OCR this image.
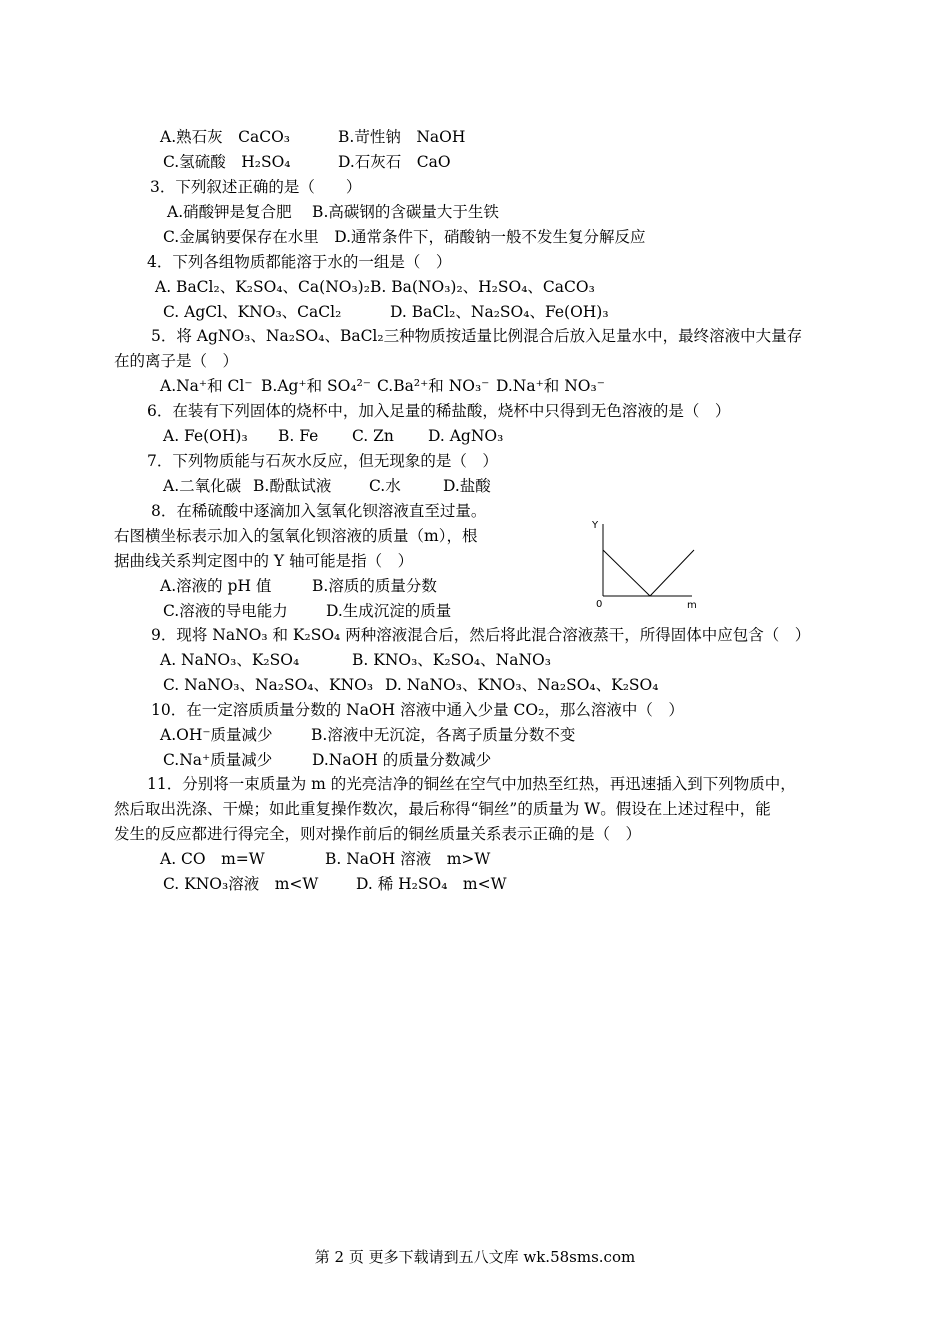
A.熟石灰　CaCO₃	B.苛性钠　NaOH
C.氢硫酸　H₂SO₄	D.石灰石　CaO
3．下列叙述正确的是（　　）
A.硝酸钾是复合肥　 B.高碳钢的含碳量大于生铁
C.金属钠要保存在水里　D.通常条件下，硝酸钠一般不发生复分解反应
4．下列各组物质都能溶于水的一组是（　）
A. BaCl₂、K₂SO₄、Ca(NO₃)₂B. Ba(NO₃)₂、H₂SO₄、CaCO₃
C. AgCl、KNO₃、CaCl₂	D. BaCl₂、Na₂SO₄、Fe(OH)₃
5．将 AgNO₃、Na₂SO₄、BaCl₂三种物质按适量比例混合后放入足量水中，最终溶液中大量存
在的离子是（　）
A.Na⁺和 Cl⁻ B.Ag⁺和 SO₄²⁻ C.Ba²⁺和 NO₃⁻ D.Na⁺和 NO₃⁻
6．在装有下列固体的烧杯中，加入足量的稀盐酸，烧杯中只得到无色溶液的是（　）
A. Fe(OH)₃ B. Fe C. Zn D. AgNO₃
7．下列物质能与石灰水反应，但无现象的是（　）
A.二氧化碳 B.酚酞试液 C.水	D.盐酸
8．在稀硫酸中逐滴加入氢氧化钡溶液直至过量。
右图横坐标表示加入的氢氧化钡溶液的质量（m），根
据曲线关系判定图中的 Y 轴可能是指（　）
A.溶液的 pH 值	B.溶质的质量分数
C.溶液的导电能力 D.生成沉淀的质量
Y
0	m
9．现将 NaNO₃ 和 K₂SO₄ 两种溶液混合后，然后将此混合溶液蒸干，所得固体中应包含（　）
A. NaNO₃、K₂SO₄	B. KNO₃、K₂SO₄、NaNO₃
C. NaNO₃、Na₂SO₄、KNO₃ D. NaNO₃、KNO₃、Na₂SO₄、K₂SO₄
10．在一定溶质质量分数的 NaOH 溶液中通入少量 CO₂，那么溶液中（　）
A.OH⁻质量减少 B.溶液中无沉淀，各离子质量分数不变
C.Na⁺质量减少	D.NaOH 的质量分数减少
11．分别将一束质量为 m 的光亮洁净的铜丝在空气中加热至红热，再迅速插入到下列物质中，
然后取出洗涤、干燥；如此重复操作数次，最后称得“铜丝”的质量为 W。假设在上述过程中，能
发生的反应都进行得完全，则对操作前后的铜丝质量关系表示正确的是（　）
A. CO　m=W	B. NaOH 溶液　m>W
C. KNO₃溶液　m<W D. 稀 H₂SO₄　m<W
第 2 页 更多下载请到五八文库 wk.58sms.com
